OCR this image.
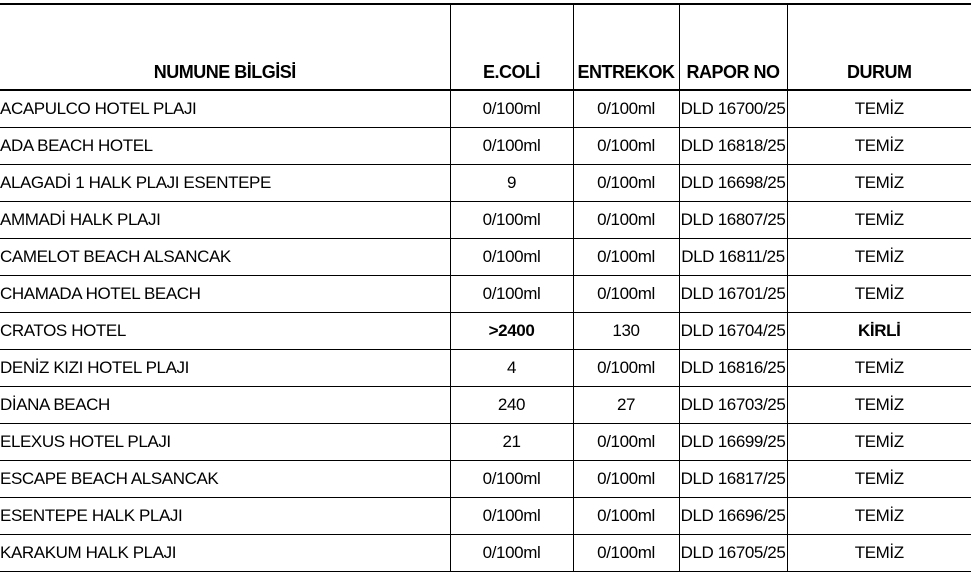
NUMUNE BİLGİSİ	E.COLİ	ENTREKOK	RAPOR NO	DURUM
ACAPULCO HOTEL PLAJI	0/100ml	0/100ml	DLD 16700/25	TEMİZ
ADA BEACH HOTEL	0/100ml	0/100ml	DLD 16818/25	TEMİZ
ALAGADİ 1 HALK PLAJI ESENTEPE	9	0/100ml	DLD 16698/25	TEMİZ
AMMADİ HALK PLAJI	0/100ml	0/100ml	DLD 16807/25	TEMİZ
CAMELOT BEACH ALSANCAK	0/100ml	0/100ml	DLD 16811/25	TEMİZ
CHAMADA HOTEL BEACH	0/100ml	0/100ml	DLD 16701/25	TEMİZ
CRATOS HOTEL	>2400	130	DLD 16704/25	KİRLİ
DENİZ KIZI HOTEL PLAJI	4	0/100ml	DLD 16816/25	TEMİZ
DİANA BEACH	240	27	DLD 16703/25	TEMİZ
ELEXUS HOTEL PLAJI	21	0/100ml	DLD 16699/25	TEMİZ
ESCAPE BEACH ALSANCAK	0/100ml	0/100ml	DLD 16817/25	TEMİZ
ESENTEPE HALK PLAJI	0/100ml	0/100ml	DLD 16696/25	TEMİZ
KARAKUM HALK PLAJI	0/100ml	0/100ml	DLD 16705/25	TEMİZ
